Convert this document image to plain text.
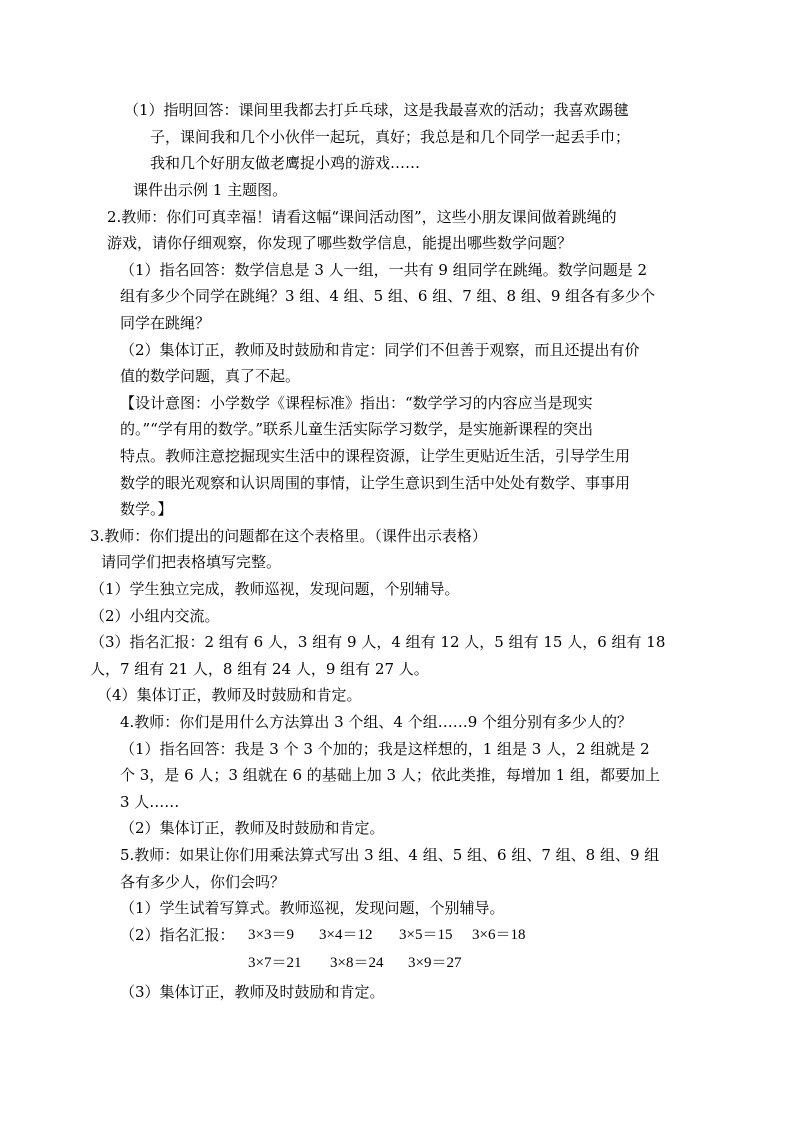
（1）指明回答：课间里我都去打乒乓球，这是我最喜欢的活动；我喜欢踢毽
子，课间我和几个小伙伴一起玩，真好；我总是和几个同学一起丢手巾；
我和几个好朋友做老鹰捉小鸡的游戏……
课件出示例 1 主题图。
2.教师：你们可真幸福！请看这幅“课间活动图”，这些小朋友课间做着跳绳的
游戏，请你仔细观察，你发现了哪些数学信息，能提出哪些数学问题？
（1）指名回答：数学信息是 3 人一组，一共有 9 组同学在跳绳。数学问题是 2
组有多少个同学在跳绳？3 组、4 组、5 组、6 组、7 组、8 组、9 组各有多少个
同学在跳绳？
（2）集体订正，教师及时鼓励和肯定：同学们不但善于观察，而且还提出有价
值的数学问题，真了不起。
【设计意图：小学数学《课程标准》指出：“数学学习的内容应当是现实
的。”“学有用的数学。”联系儿童生活实际学习数学，是实施新课程的突出
特点。教师注意挖掘现实生活中的课程资源，让学生更贴近生活，引导学生用
数学的眼光观察和认识周围的事情，让学生意识到生活中处处有数学、事事用
数学。】
3.教师：你们提出的问题都在这个表格里。（课件出示表格）
请同学们把表格填写完整。
（1）学生独立完成，教师巡视，发现问题，个别辅导。
（2）小组内交流。
（3）指名汇报：2 组有 6 人，3 组有 9 人，4 组有 12 人，5 组有 15 人，6 组有 18
人，7 组有 21 人，8 组有 24 人，9 组有 27 人。
（4）集体订正，教师及时鼓励和肯定。
4.教师：你们是用什么方法算出 3 个组、4 个组……9 个组分别有多少人的？
（1）指名回答：我是 3 个 3 个加的；我是这样想的，1 组是 3 人，2 组就是 2
个 3，是 6 人；3 组就在 6 的基础上加 3 人；依此类推，每增加 1 组，都要加上
3 人……
（2）集体订正，教师及时鼓励和肯定。
5.教师：如果让你们用乘法算式写出 3 组、4 组、5 组、6 组、7 组、8 组、9 组
各有多少人，你们会吗？
（1）学生试着写算式。教师巡视，发现问题，个别辅导。
（2）指名汇报： 3×3＝9 3×4＝12 3×5＝15 3×6＝18
3×7＝21 3×8＝24 3×9＝27
（3）集体订正，教师及时鼓励和肯定。
